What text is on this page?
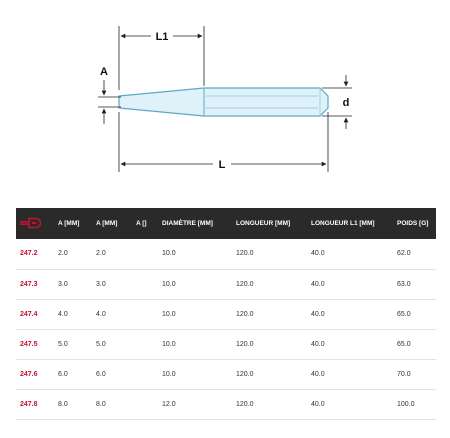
L1
A
d
L
	A [MM]	A [MM]	A []	DIAMÈTRE [MM]	LONGUEUR [MM]	LONGUEUR L1 [MM]	POIDS [G]
247.2	2.0	2.0		10.0	120.0	40.0	62.0
247.3	3.0	3.0		10.0	120.0	40.0	63.0
247.4	4.0	4.0		10.0	120.0	40.0	65.0
247.5	5.0	5.0		10.0	120.0	40.0	65.0
247.6	6.0	6.0		10.0	120.0	40.0	70.0
247.8	8.0	8.0		12.0	120.0	40.0	100.0
